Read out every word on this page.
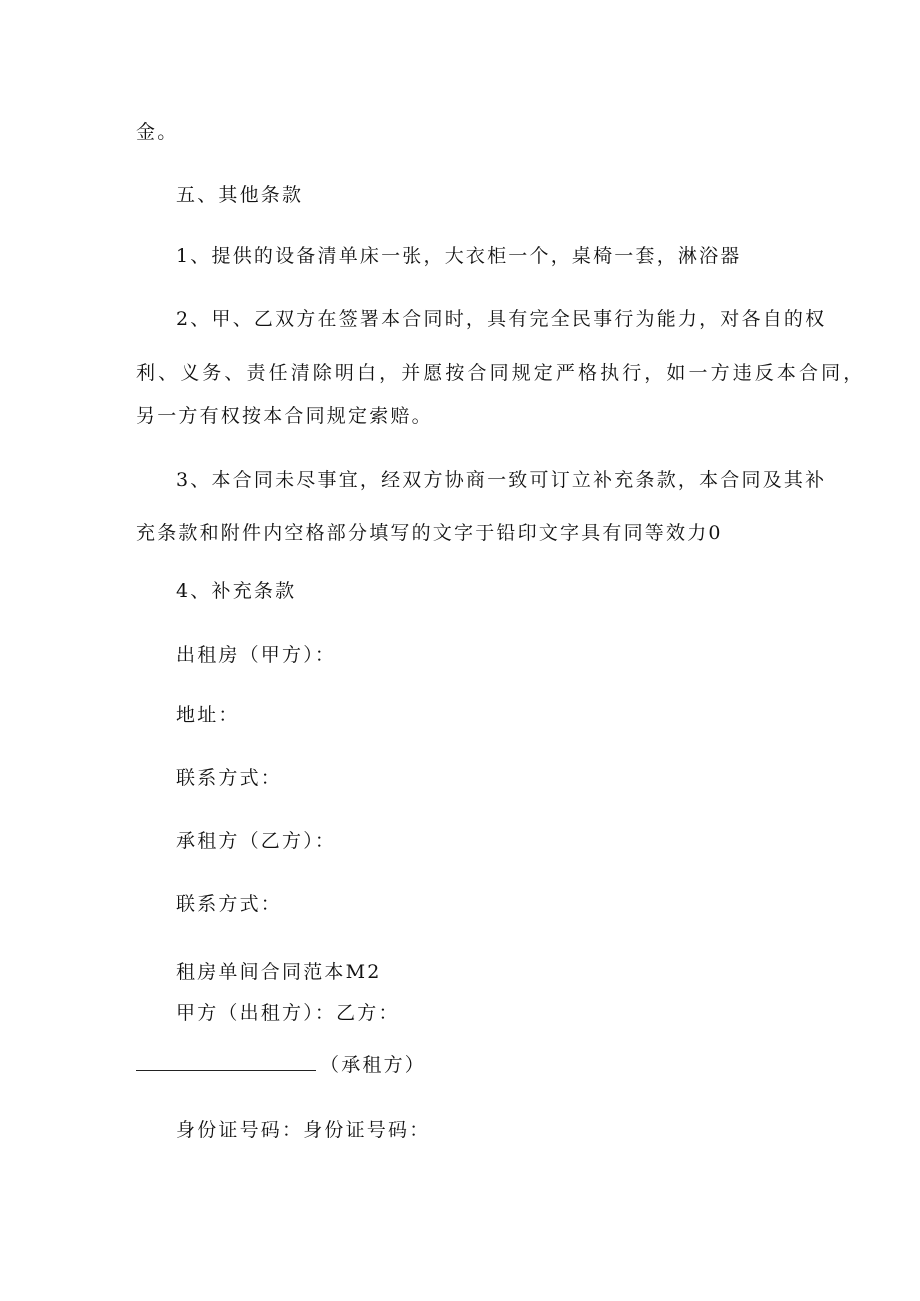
金。
五、其他条款
1、提供的设备清单床一张，大衣柜一个，桌椅一套，淋浴器
2、甲、乙双方在签署本合同时，具有完全民事行为能力，对各自的权
利、义务、责任清除明白，并愿按合同规定严格执行，如一方违反本合同，
另一方有权按本合同规定索赔。
3、本合同未尽事宜，经双方协商一致可订立补充条款，本合同及其补
充条款和附件内空格部分填写的文字于铅印文字具有同等效力0
4、补充条款
出租房（甲方）：
地址：
联系方式：
承租方（乙方）：
联系方式：
租房单间合同范本M2
甲方（出租方）：乙方：
（承租方）
身份证号码：身份证号码：
